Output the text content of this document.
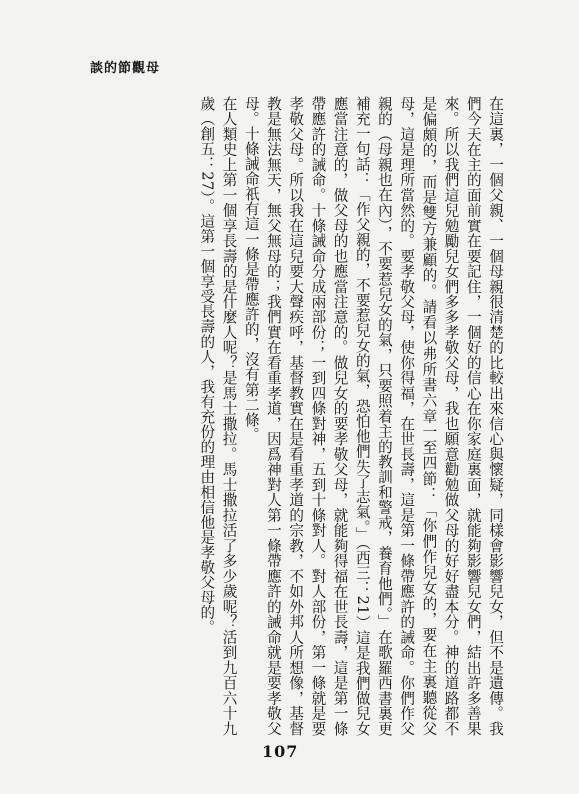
談的節觀母

在這裏，一個父親、一個母親很清楚的比較出來信心與懷疑，同樣會影響兒女，但不是遺傳。我們今天在主的面前實在要記住，一個好的信心在你家庭裏面，就能夠影響兒女們，結出許多善果來。所以我們這兒勉勵兒女們多多孝敬父母，我也願意勸勉做父母的好好盡本分。神的道路都不是偏頗的，而是雙方兼顧的。請看以弗所書六章一至四節：「你們作兒女的，要在主裏聽從父母，這是理所當然的。要孝敬父母，使你得福，在世長壽，這是第一條帶應許的誡命。你們作父親的（母親也在內），不要惹兒女的氣，只要照着主的教訓和警戒，養育他們。」在歌羅西書裏更補充一句話：「作父親的，不要惹兒女的氣，恐怕他們失了志氣。」（西三：21）這是我們做兒女應當注意的，做父母的也應當注意的。做兒女的要孝敬父母，就能夠得福在世長壽，這是第一條帶應許的誡命。十條誡命分成兩部份；一到四條對神，五到十條對人。對人部份，第一條就是要孝敬父母。所以我在這兒要大聲疾呼，基督教實在是看重孝道的宗教，不如外邦人所想像，基督教是無法無天，無父無母的；我們實在看重孝道，因爲神對人第一條帶應許的誡命就是要孝敬父母。十條誡命祇有這一條是帶應許的，沒有第二條。

在人類史上第一個享長壽的是什麼人呢？是馬士撒拉。馬士撒拉活了多少歲呢？活到九百六十九歲（創五：27）。這第一個享受長壽的人，我有充份的理由相信他是孝敬父母的。

107
